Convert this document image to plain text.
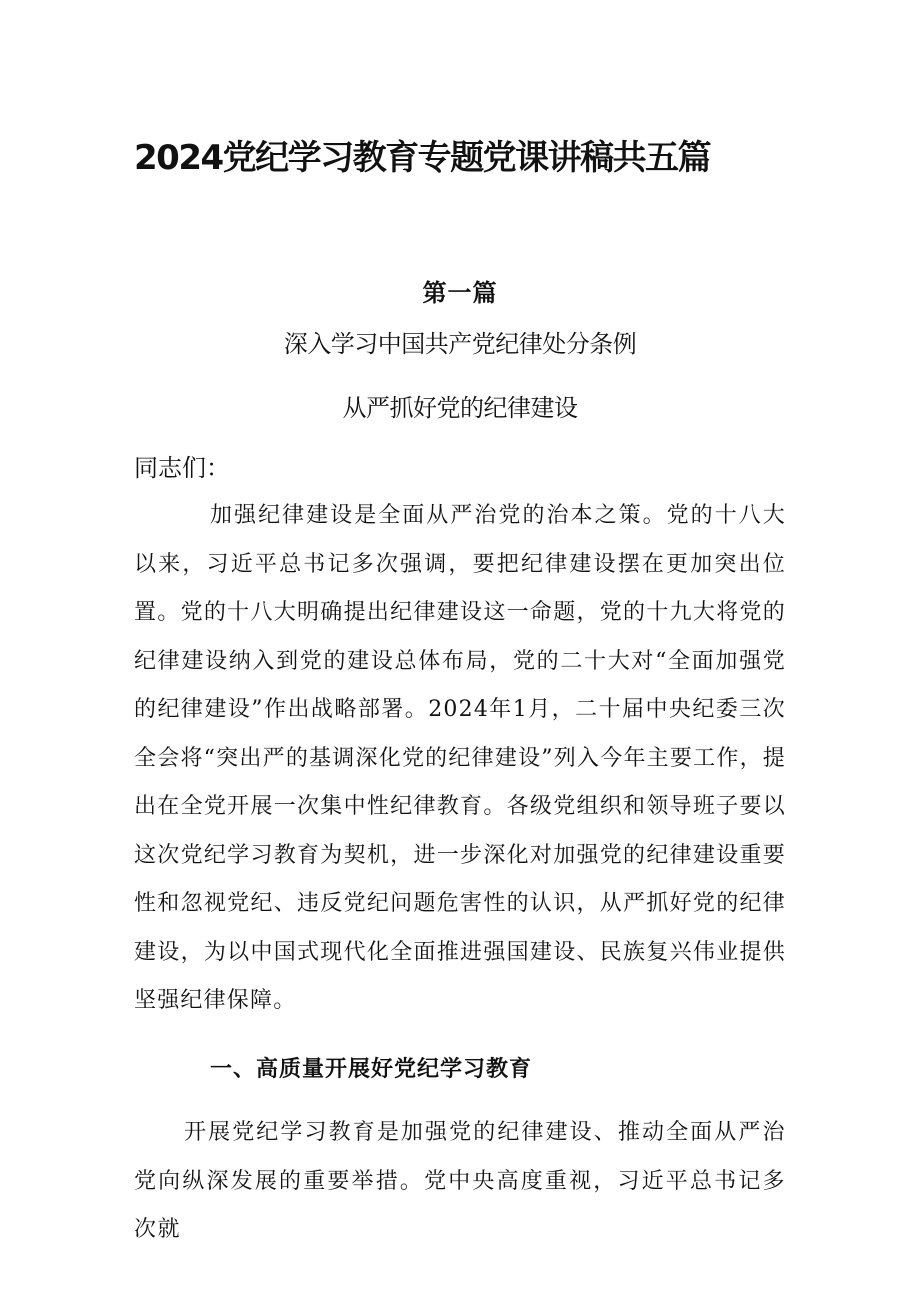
2024党纪学习教育专题党课讲稿共五篇
第一篇
深入学习中国共产党纪律处分条例
从严抓好党的纪律建设
同志们：

加强纪律建设是全面从严治党的治本之策。党的十八大以来，习近平总书记多次强调，要把纪律建设摆在更加突出位置。党的十八大明确提出纪律建设这一命题，党的十九大将党的纪律建设纳入到党的建设总体布局，党的二十大对“全面加强党的纪律建设”作出战略部署。2024年1月，二十届中央纪委三次全会将“突出严的基调深化党的纪律建设”列入今年主要工作，提出在全党开展一次集中性纪律教育。各级党组织和领导班子要以这次党纪学习教育为契机，进一步深化对加强党的纪律建设重要性和忽视党纪、违反党纪问题危害性的认识，从严抓好党的纪律建设，为以中国式现代化全面推进强国建设、民族复兴伟业提供坚强纪律保障。

一、高质量开展好党纪学习教育

开展党纪学习教育是加强党的纪律建设、推动全面从严治党向纵深发展的重要举措。党中央高度重视，习近平总书记多次就
